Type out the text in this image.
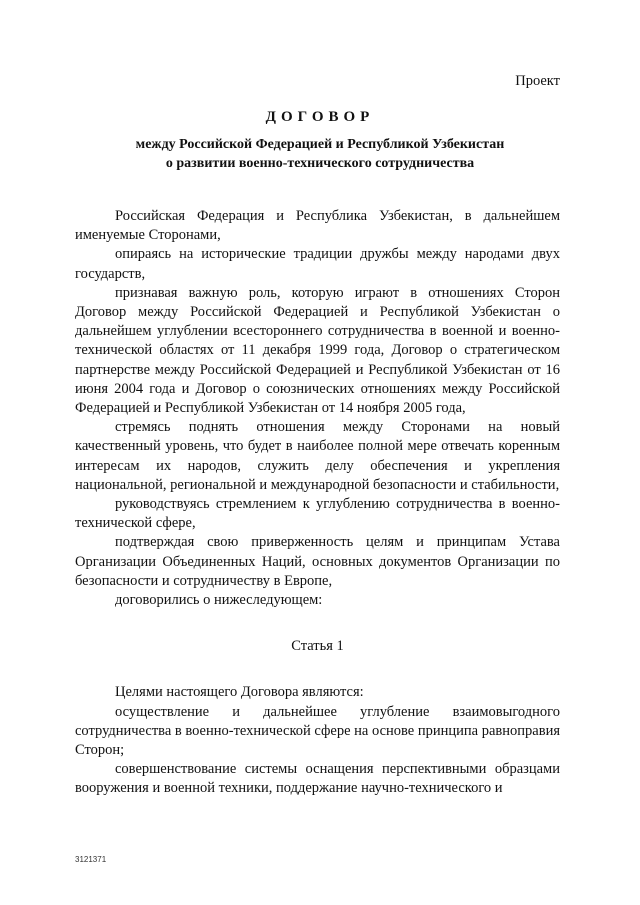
Проект
ДОГОВОР
между Российской Федерацией и Республикой Узбекистан
о развитии военно-технического сотрудничества

Российская Федерация и Республика Узбекистан, в дальнейшем именуемые Сторонами,

опираясь на исторические традиции дружбы между народами двух государств,

признавая важную роль, которую играют в отношениях Сторон Договор между Российской Федерацией и Республикой Узбекистан о дальнейшем углублении всестороннего сотрудничества в военной и военно-технической областях от 11 декабря 1999 года, Договор о стратегическом партнерстве между Российской Федерацией и Республикой Узбекистан от 16 июня 2004 года и Договор о союзнических отношениях между Российской Федерацией и Республикой Узбекистан от 14 ноября 2005 года,

стремясь поднять отношения между Сторонами на новый качественный уровень, что будет в наиболее полной мере отвечать коренным интересам их народов, служить делу обеспечения и укрепления национальной, региональной и международной безопасности и стабильности,

руководствуясь стремлением к углублению сотрудничества в военно-технической сфере,

подтверждая свою приверженность целям и принципам Устава Организации Объединенных Наций, основных документов Организации по безопасности и сотрудничеству в Европе,

договорились о нижеследующем:

Статья 1

Целями настоящего Договора являются:

осуществление и дальнейшее углубление взаимовыгодного сотрудничества в военно-технической сфере на основе принципа равноправия Сторон;

совершенствование системы оснащения перспективными образцами вооружения и военной техники, поддержание научно-технического и

3121371
